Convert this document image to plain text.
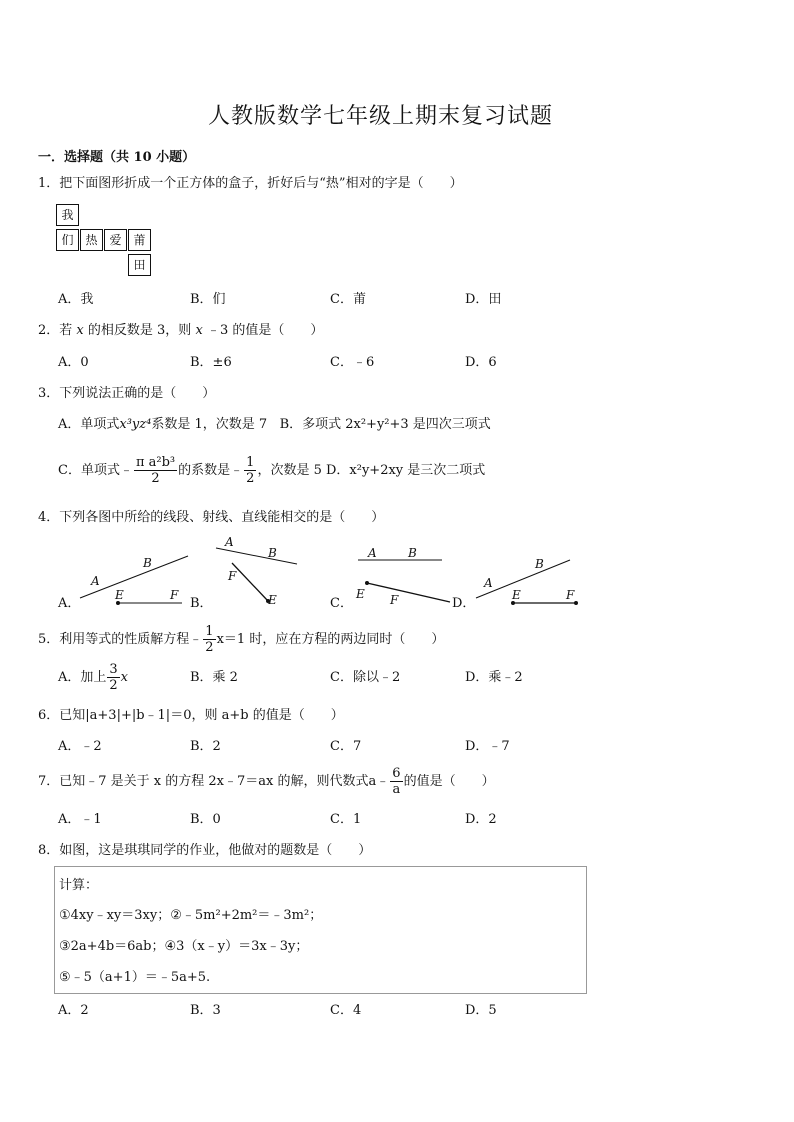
人教版数学七年级上期末复习试题
一．选择题（共 10 小题）
1．把下面图形折成一个正方体的盒子，折好后与“热”相对的字是（　　）
我
们 热 爱 莆
田
A．我	B．们	C．莆	D．田
2．若 x 的相反数是 3，则 x ﹣3 的值是（　　）
A．0	B．±6	C．﹣6	D．6
3．下列说法正确的是（　　）
A．单项式x³yz⁴系数是 1，次数是 7 B．多项式 2x²+y²+3 是四次三项式
C．单项式﹣ $\frac{\text{π a²b³}}{2}$ 的系数是﹣ $\frac{1}{2}$ ，次数是 5 D．x²y+2xy 是三次二项式
4．下列各图中所给的线段、射线、直线能相交的是（　　）
A．	B．	C．	D．
A
B
E	F
A
B
F
E
A	B
E F
A
B
E	F
5．利用等式的性质解方程﹣ $\frac{1}{2} x=1$ 时，应在方程的两边同时（　　）
A．加上 $\frac{3}{2}$ x	B．乘 2	C．除以﹣2	D．乘﹣2
6．已知|a+3|+|b﹣1|＝0，则 a+b 的值是（　　）
A．﹣2	B．2	C．7	D．﹣7
7．已知﹣7 是关于 x 的方程 2x﹣7＝ax 的解，则代数式a﹣ $\frac{6}{a}$ 的值是（　　）
A．﹣1	B．0	C．1	D．2
8．如图，这是琪琪同学的作业，他做对的题数是（　　）
计算：
①4xy﹣xy＝3xy；②﹣5m²+2m²＝﹣3m²；
③2a+4b＝6ab；④3（x﹣y）＝3x﹣3y；
⑤﹣5（a+1）＝﹣5a+5.
A．2	B．3	C．4	D．5
